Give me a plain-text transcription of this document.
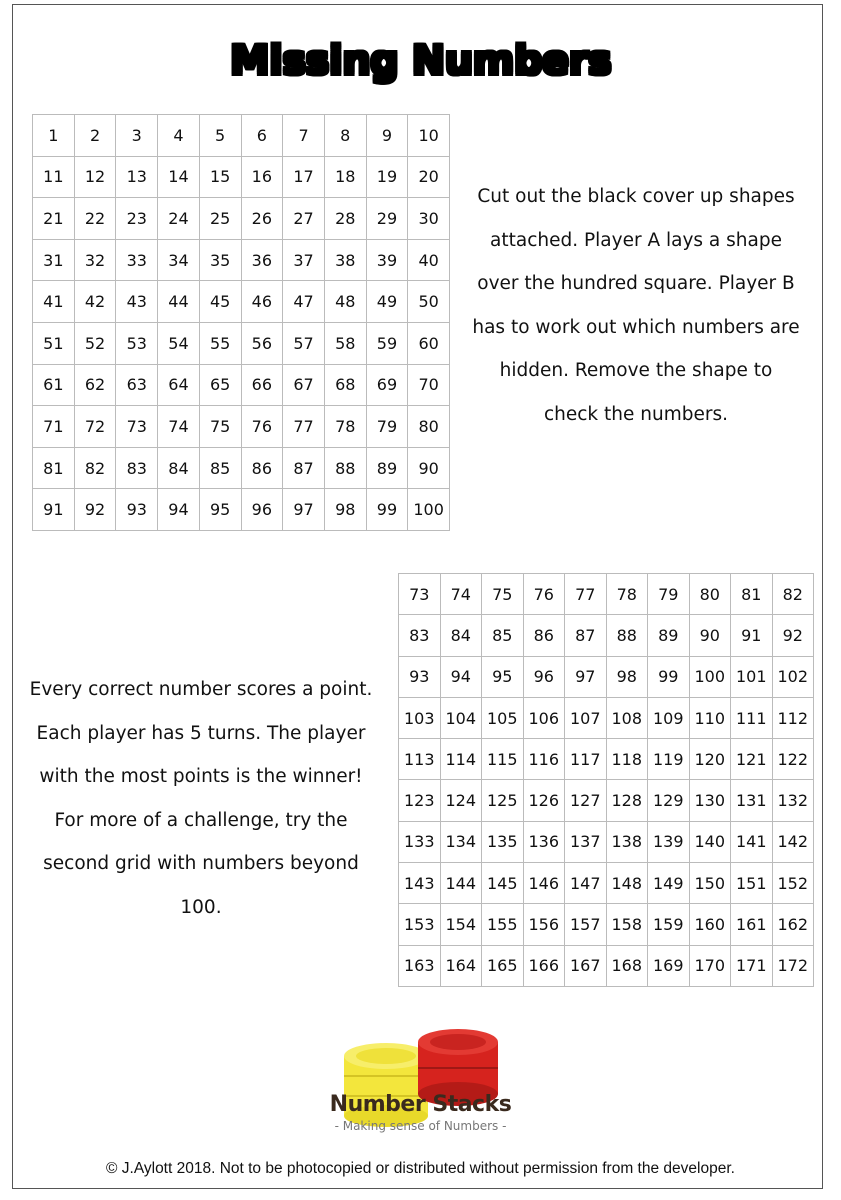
Missing Numbers
1	2	3	4	5	6	7	8	9	10
11	12	13	14	15	16	17	18	19	20
21	22	23	24	25	26	27	28	29	30
31	32	33	34	35	36	37	38	39	40
41	42	43	44	45	46	47	48	49	50
51	52	53	54	55	56	57	58	59	60
61	62	63	64	65	66	67	68	69	70
71	72	73	74	75	76	77	78	79	80
81	82	83	84	85	86	87	88	89	90
91	92	93	94	95	96	97	98	99	100
Cut out the black cover up shapes
attached. Player A lays a shape
over the hundred square. Player B
has to work out which numbers are
hidden. Remove the shape to
check the numbers.
73	74	75	76	77	78	79	80	81	82
83	84	85	86	87	88	89	90	91	92
93	94	95	96	97	98	99	100 101 102
103 104 105 106 107 108 109 110 111 112
113 114 115 116 117 118 119 120 121 122
123 124 125 126 127 128 129 130 131 132
133 134 135 136 137 138 139 140 141 142
143 144 145 146 147 148 149 150 151 152
153 154 155 156 157 158 159 160 161 162
163 164 165 166 167 168 169 170 171 172
Every correct number scores a point.
Each player has 5 turns. The player
with the most points is the winner!
For more of a challenge, try the
second grid with numbers beyond
100.
Number Stacks
- Making sense of Numbers -
© J.Aylott 2018. Not to be photocopied or distributed without permission from the developer.
